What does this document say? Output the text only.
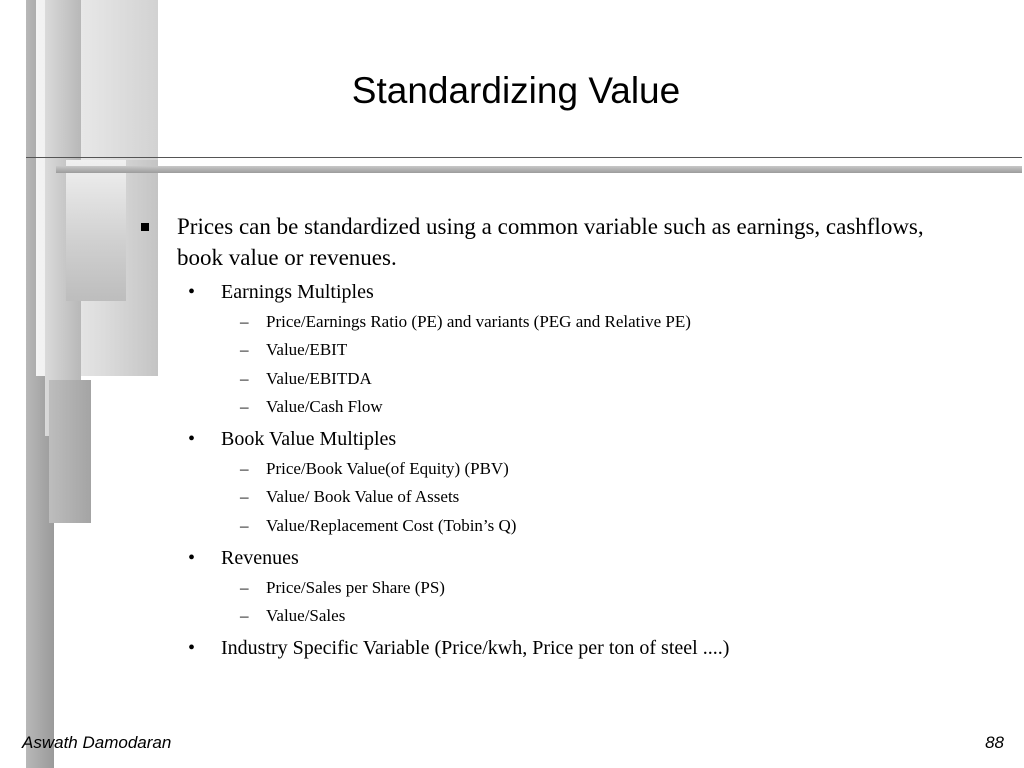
Standardizing Value
Prices can be standardized using a common variable such as earnings, cashflows, book value or revenues.
• Earnings Multiples
– Price/Earnings Ratio (PE) and variants (PEG and Relative PE)
– Value/EBIT
– Value/EBITDA
– Value/Cash Flow
• Book Value Multiples
– Price/Book Value(of Equity) (PBV)
– Value/ Book Value of Assets
– Value/Replacement Cost (Tobin’s Q)
• Revenues
– Price/Sales per Share (PS)
– Value/Sales
• Industry Specific Variable (Price/kwh, Price per ton of steel ....)
Aswath Damodaran	88
